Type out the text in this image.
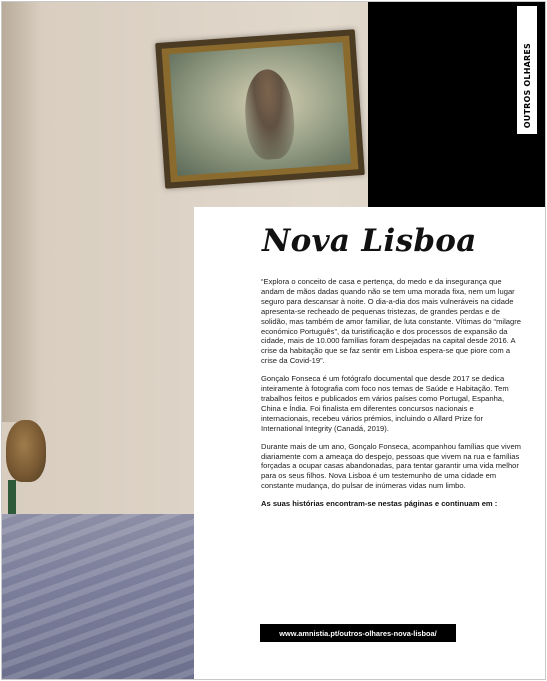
OUTROS OLHARES
Nova Lisboa

“Explora o conceito de casa e pertença, do medo e da insegurança que andam de mãos dadas quando não se tem uma morada fixa, nem um lugar seguro para descansar à noite. O dia-a-dia dos mais vulneráveis na cidade apresenta-se recheado de pequenas tristezas, de grandes perdas e de solidão, mas também de amor familiar, de luta constante. Vítimas do “milagre económico Português”, da turistificação e dos processos de expansão da cidade, mais de 10.000 famílias foram despejadas na capital desde 2016. A crise da habitação que se faz sentir em Lisboa espera-se que piore com a crise da Covid-19”.

Gonçalo Fonseca é um fotógrafo documental que desde 2017 se dedica inteiramente à fotografia com foco nos temas de Saúde e Habitação. Tem trabalhos feitos e publicados em vários países como Portugal, Espanha, China e Índia. Foi finalista em diferentes concursos nacionais e internacionais, recebeu vários prémios, incluindo o Allard Prize for International Integrity (Canadá, 2019).

Durante mais de um ano, Gonçalo Fonseca, acompanhou famílias que vivem diariamente com a ameaça do despejo, pessoas que vivem na rua e famílias forçadas a ocupar casas abandonadas, para tentar garantir uma vida melhor para os seus filhos. Nova Lisboa é um testemunho de uma cidade em constante mudança, do pulsar de inúmeras vidas num limbo.

As suas histórias encontram-se nestas páginas e continuam em :

www.amnistia.pt/outros-olhares-nova-lisboa/
